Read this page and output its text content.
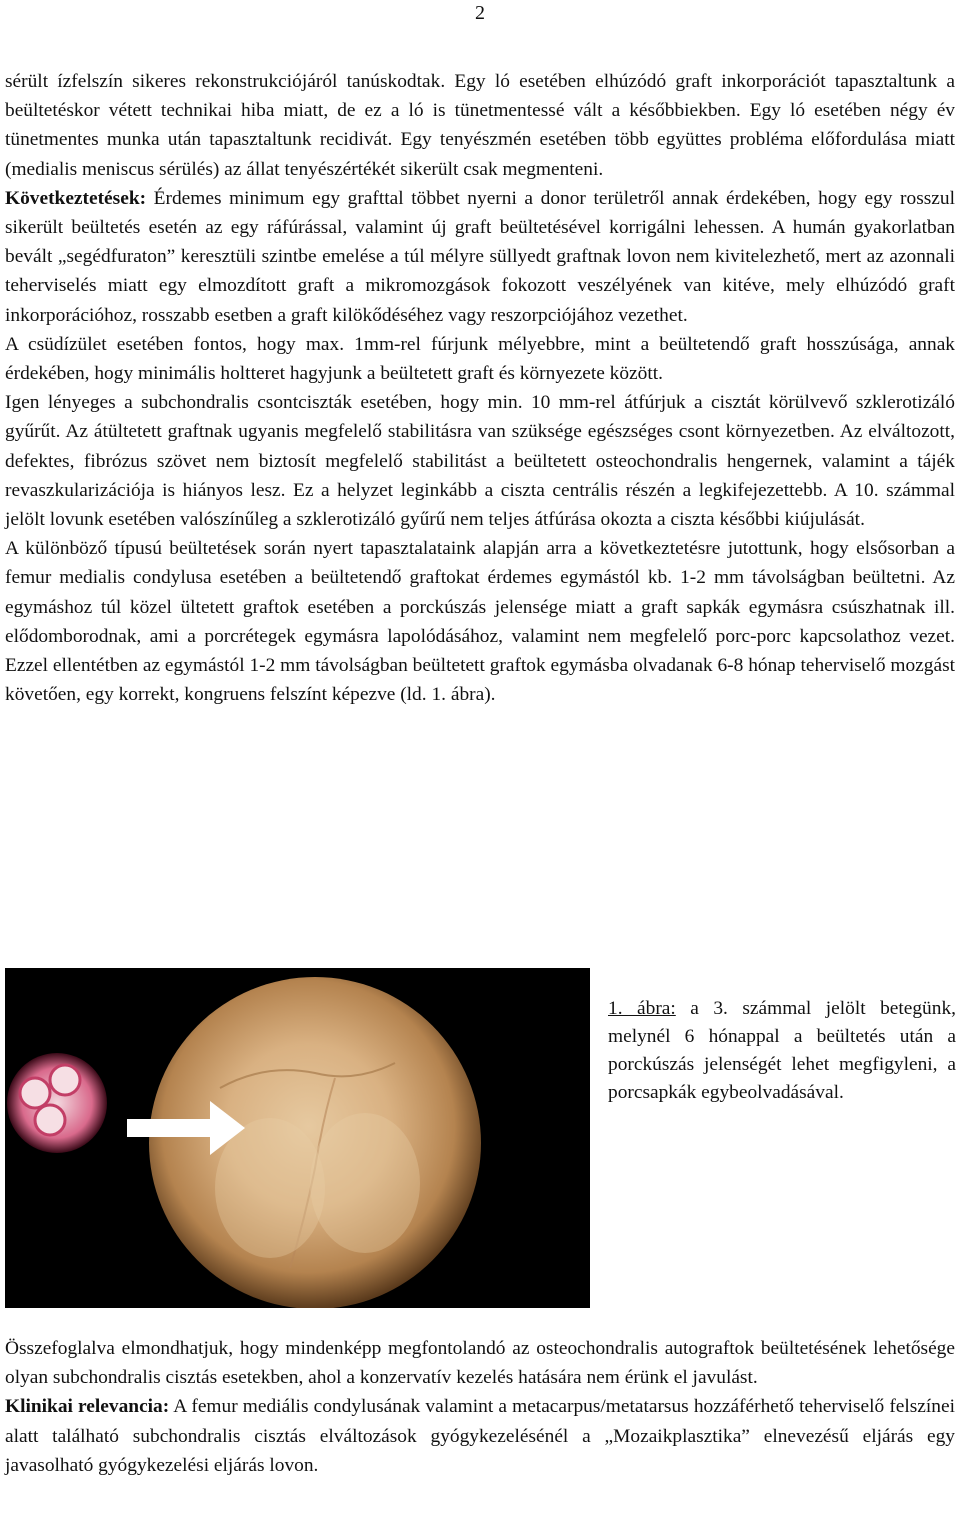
2

sérült ízfelszín sikeres rekonstrukciójáról tanúskodtak. Egy ló esetében elhúzódó graft inkorporációt tapasztaltunk a beültetéskor vétett technikai hiba miatt, de ez a ló is tünetmentessé vált a későbbiekben. Egy ló esetében négy év tünetmentes munka után tapasztaltunk recidivát. Egy tenyészmén esetében több együttes probléma előfordulása miatt (medialis meniscus sérülés) az állat tenyészértékét sikerült csak megmenteni.

Következtetések: Érdemes minimum egy grafttal többet nyerni a donor területről annak érdekében, hogy egy rosszul sikerült beültetés esetén az egy ráfúrással, valamint új graft beültetésével korrigálni lehessen. A humán gyakorlatban bevált „segédfuraton” keresztüli szintbe emelése a túl mélyre süllyedt graftnak lovon nem kivitelezhető, mert az azonnali teherviselés miatt egy elmozdított graft a mikromozgások fokozott veszélyének van kitéve, mely elhúzódó graft inkorporációhoz, rosszabb esetben a graft kilökődéséhez vagy reszorpciójához vezethet.

A csüdízület esetében fontos, hogy max. 1mm-rel fúrjunk mélyebbre, mint a beültetendő graft hosszúsága, annak érdekében, hogy minimális holtteret hagyjunk a beültetett graft és környezete között.

Igen lényeges a subchondralis csontciszták esetében, hogy min. 10 mm-rel átfúrjuk a cisztát körülvevő szklerotizáló gyűrűt. Az átültetett graftnak ugyanis megfelelő stabilitásra van szüksége egészséges csont környezetben. Az elváltozott, defektes, fibrózus szövet nem biztosít megfelelő stabilitást a beültetett osteochondralis hengernek, valamint a tájék revaszkularizációja is hiányos lesz. Ez a helyzet leginkább a ciszta centrális részén a legkifejezettebb. A 10. számmal jelölt lovunk esetében valószínűleg a szklerotizáló gyűrű nem teljes átfúrása okozta a ciszta későbbi kiújulását.

A különböző típusú beültetések során nyert tapasztalataink alapján arra a következtetésre jutottunk, hogy elsősorban a femur medialis condylusa esetében a beültetendő graftokat érdemes egymástól kb. 1-2 mm távolságban beültetni. Az egymáshoz túl közel ültetett graftok esetében a porckúszás jelensége miatt a graft sapkák egymásra csúszhatnak ill. elődomborodnak, ami a porcrétegek egymásra lapolódásához, valamint nem megfelelő porc-porc kapcsolathoz vezet. Ezzel ellentétben az egymástól 1-2 mm távolságban beültetett graftok egymásba olvadanak 6-8 hónap teherviselő mozgást követően, egy korrekt, kongruens felszínt képezve (ld. 1. ábra).

1. ábra: a 3. számmal jelölt betegünk, melynél 6 hónappal a beültetés után a porckúszás jelenségét lehet megfigyleni, a porcsapkák egybeolvadásával.

Összefoglalva elmondhatjuk, hogy mindenképp megfontolandó az osteochondralis autograftok beültetésének lehetősége olyan subchondralis cisztás esetekben, ahol a konzervatív kezelés hatására nem érünk el javulást.

Klinikai relevancia: A femur mediális condylusának valamint a metacarpus/metatarsus hozzáférhető teherviselő felszínei alatt található subchondralis cisztás elváltozások gyógykezelésénél a „Mozaikplasztika” elnevezésű eljárás egy javasolható gyógykezelési eljárás lovon.
